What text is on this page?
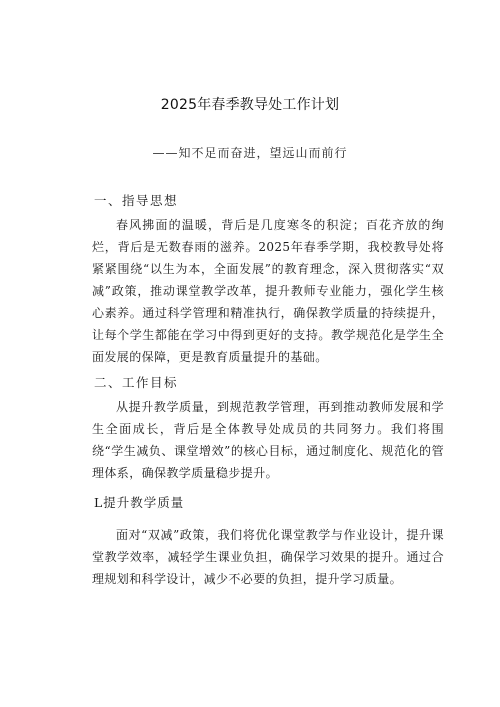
2025年春季教导处工作计划
——知不足而奋进，望远山而前行
一、指导思想

春风拂面的温暖，背后是几度寒冬的积淀；百花齐放的绚烂，背后是无数春雨的滋养。2025年春季学期，我校教导处将紧紧围绕“以生为本，全面发展”的教育理念，深入贯彻落实“双减”政策，推动课堂教学改革，提升教师专业能力，强化学生核心素养。通过科学管理和精准执行，确保教学质量的持续提升，让每个学生都能在学习中得到更好的支持。教学规范化是学生全面发展的保障，更是教育质量提升的基础。

二、工作目标

从提升教学质量，到规范教学管理，再到推动教师发展和学生全面成长，背后是全体教导处成员的共同努力。我们将围绕“学生减负、课堂增效”的核心目标，通过制度化、规范化的管理体系，确保教学质量稳步提升。

L提升教学质量

面对“双减”政策，我们将优化课堂教学与作业设计，提升课堂教学效率，减轻学生课业负担，确保学习效果的提升。通过合理规划和科学设计，减少不必要的负担，提升学习质量。
